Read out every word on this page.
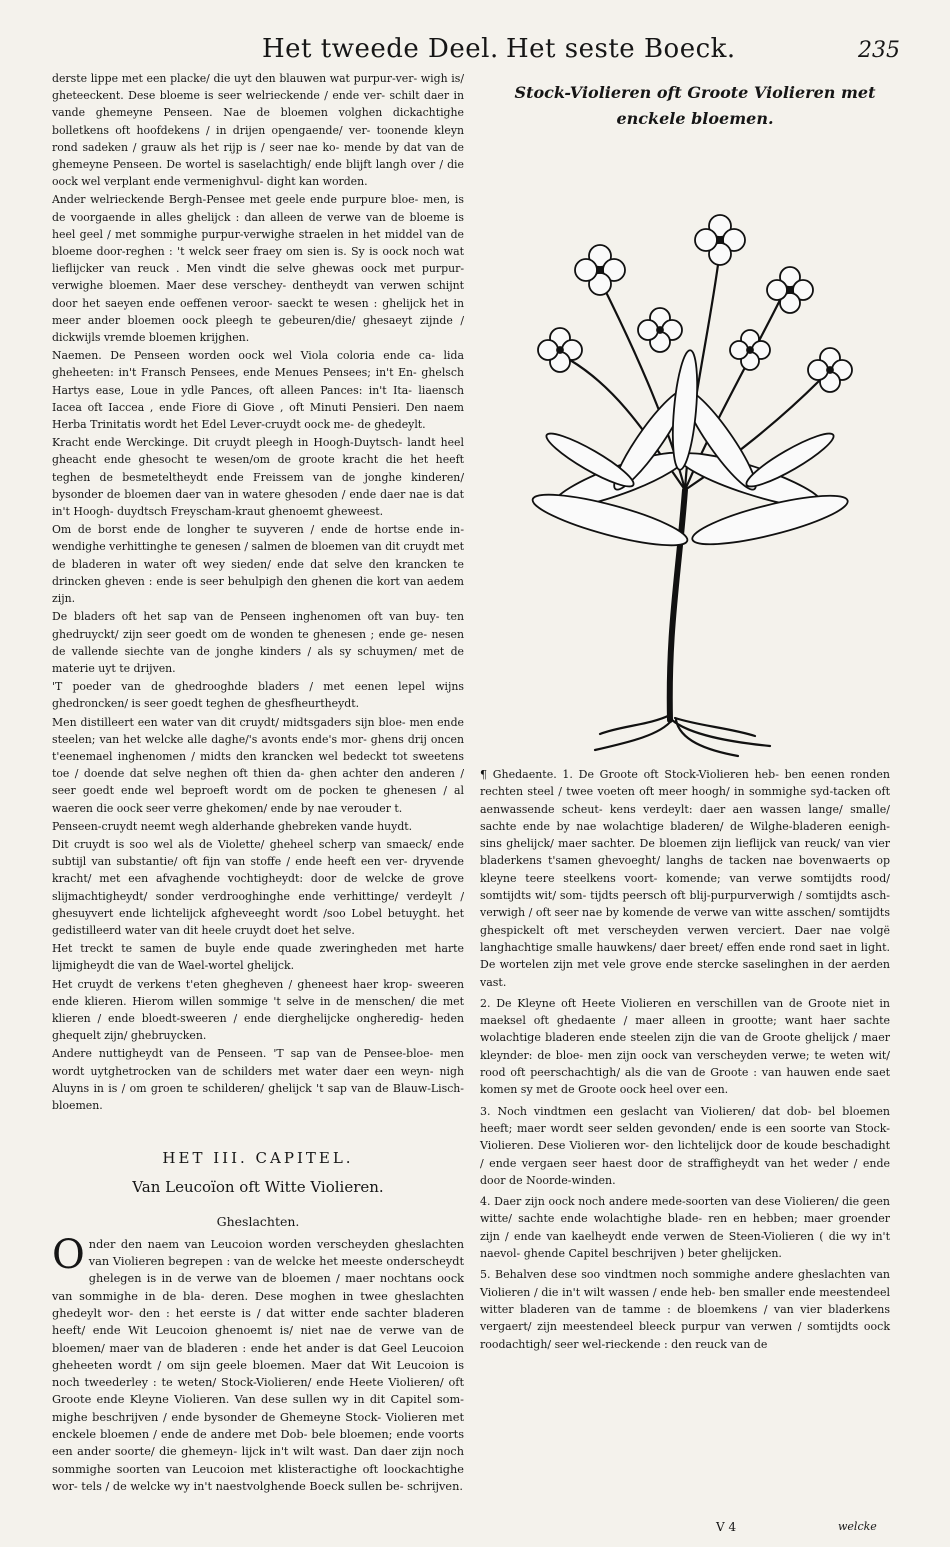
Het tweede Deel. Het seste Boeck.	235

derste lippe met een placke/ die uyt den blauwen wat purpur-ver- wigh is/ gheteeckent. Dese bloeme is seer welrieckende / ende ver- schilt daer in vande ghemeyne Penseen. Nae de bloemen volghen dickachtighe bolletkens oft hoofdekens / in drijen opengaende/ ver- toonende kleyn rond sadeken / grauw als het rijp is / seer nae ko- mende by dat van de ghemeyne Penseen. De wortel is saselachtigh/ ende blijft langh over / die oock wel verplant ende vermenighvul- dight kan worden.

Ander welrieckende Bergh-Pensee met geele ende purpure bloe- men, is de voorgaende in alles ghelijck : dan alleen de verwe van de bloeme is heel geel / met sommighe purpur-verwighe straelen in het middel van de bloeme door-reghen : 't welck seer fraey om sien is. Sy is oock noch wat lieflijcker van reuck . Men vindt die selve ghewas oock met purpur-verwighe bloemen. Maer dese verschey- dentheydt van verwen schijnt door het saeyen ende oeffenen veroor- saeckt te wesen : ghelijck het in meer ander bloemen oock pleegh te gebeuren/die/ ghesaeyt zijnde / dickwijls vremde bloemen krijghen.

Naemen. De Penseen worden oock wel Viola coloria ende ca- lida gheheeten: in't Fransch Pensees, ende Menues Pensees; in't En- ghelsch Hartys ease, Loue in ydle Pances, oft alleen Pances: in't Ita- liaensch Iacea oft Iaccea , ende Fiore di Giove , oft Minuti Pensieri. Den naem Herba Trinitatis wordt het Edel Lever-cruydt oock me- de ghedeylt.

Kracht ende Werckinge. Dit cruydt pleegh in Hoogh-Duytsch- landt heel gheacht ende ghesocht te wesen/om de groote kracht die het heeft teghen de besmeteltheydt ende Freissem van de jonghe kinderen/ bysonder de bloemen daer van in watere ghesoden / ende daer nae is dat in't Hoogh- duydtsch Freyscham-kraut ghenoemt gheweest.

Om de borst ende de longher te suyveren / ende de hortse ende in- wendighe verhittinghe te genesen / salmen de bloemen van dit cruydt met de bladeren in water oft wey sieden/ ende dat selve den krancken te drincken gheven : ende is seer behulpigh den ghenen die kort van aedem zijn.

De bladers oft het sap van de Penseen inghenomen oft van buy- ten ghedruyckt/ zijn seer goedt om de wonden te ghenesen ; ende ge- nesen de vallende siechte van de jonghe kinders / als sy schuymen/ met de materie uyt te drijven.

'T poeder van de ghedrooghde bladers / met eenen lepel wijns ghedroncken/ is seer goedt teghen de ghesfheurtheydt.

Men distilleert een water van dit cruydt/ midtsgaders sijn bloe- men ende steelen; van het welcke alle daghe/'s avonts ende's mor- ghens drij oncen t'eenemael inghenomen / midts den krancken wel bedeckt tot sweetens toe / doende dat selve neghen oft thien da- ghen achter den anderen / seer goedt ende wel beproeft wordt om de pocken te ghenesen / al waeren die oock seer verre ghekomen/ ende by nae verouder t.

Penseen-cruydt neemt wegh alderhande ghebreken vande huydt.

Dit cruydt is soo wel als de Violette/ gheheel scherp van smaeck/ ende subtijl van substantie/ oft fijn van stoffe / ende heeft een ver- dryvende kracht/ met een afvaghende vochtigheydt: door de welcke de grove slijmachtigheydt/ sonder verdrooghinghe ende verhittinge/ verdeylt / ghesuyvert ende lichtelijck afgheveeght wordt /soo Lobel betuyght. het gedistilleerd water van dit heele cruydt doet het selve.

Het treckt te samen de buyle ende quade zweringheden met harte lijmigheydt die van de Wael-wortel ghelijck.

Het cruydt de verkens t'eten ghegheven / gheneest haer krop- sweeren ende klieren. Hierom willen sommige 't selve in de menschen/ die met klieren / ende bloedt-sweeren / ende dierghelijcke ongheredig- heden ghequelt zijn/ ghebruycken.

Andere nuttigheydt van de Penseen. 'T sap van de Pensee-bloe- men wordt uytghetrocken van de schilders met water daer een weyn- nigh Aluyns in is / om groen te schilderen/ ghelijck 't sap van de Blauw-Lisch-bloemen.

HET III. CAPITEL.
Van Leucoïon oft Witte Violieren.
Gheslachten.

Onder den naem van Leucoion worden verscheyden gheslachten van Violieren begrepen : van de welcke het meeste onderscheydt ghelegen is in de verwe van de bloemen / maer nochtans oock van sommighe in de bla- deren. Dese moghen in twee gheslachten ghedeylt wor- den : het eerste is / dat witter ende sachter bladeren heeft/ ende Wit Leucoion ghenoemt is/ niet nae de verwe van de bloemen/ maer van de bladeren : ende het ander is dat Geel Leucoion gheheeten wordt / om sijn geele bloemen. Maer dat Wit Leucoion is noch tweederley : te weten/ Stock-Violieren/ ende Heete Violieren/ oft Groote ende Kleyne Violieren. Van dese sullen wy in dit Capitel som- mighe beschrijven / ende bysonder de Ghemeyne Stock- Violieren met enckele bloemen / ende de andere met Dob- bele bloemen; ende voorts een ander soorte/ die ghemeyn- lijck in't wilt wast. Dan daer zijn noch sommighe soorten van Leucoion met klisteractighe oft loockachtighe wor- tels / de welcke wy in't naestvolghende Boeck sullen be- schrijven.

Stock-Violieren oft Groote Violieren met enckele bloemen.

¶ Ghedaente. 1. De Groote oft Stock-Violieren heb- ben eenen ronden rechten steel / twee voeten oft meer hoogh/ in sommighe syd-tacken oft aenwassende scheut- kens verdeylt: daer aen wassen lange/ smalle/ sachte ende by nae wolachtige bladeren/ de Wilghe-bladeren eenigh- sins ghelijck/ maer sachter. De bloemen zijn lieflijck van reuck/ van vier bladerkens t'samen ghevoeght/ langhs de tacken nae bovenwaerts op kleyne teere steelkens voort- komende; van verwe somtijdts rood/ somtijdts wit/ som- tijdts peersch oft blij-purpurverwigh / somtijdts asch- verwigh / oft seer nae by komende de verwe van witte asschen/ somtijdts ghespickelt oft met verscheyden verwen verciert. Daer nae volgë langhachtige smalle hauwkens/ daer breet/ effen ende rond saet in light. De wortelen zijn met vele grove ende stercke saselinghen in der aerden vast.

2. De Kleyne oft Heete Violieren en verschillen van de Groote niet in maeksel oft ghedaente / maer alleen in grootte; want haer sachte wolachtige bladeren ende steelen zijn die van de Groote ghelijck / maer kleynder: de bloe- men zijn oock van verscheyden verwe; te weten wit/ rood oft peerschachtigh/ als die van de Groote : van hauwen ende saet komen sy met de Groote oock heel over een.

3. Noch vindtmen een geslacht van Violieren/ dat dob- bel bloemen heeft; maer wordt seer selden gevonden/ ende is een soorte van Stock-Violieren. Dese Violieren wor- den lichtelijck door de koude beschadight / ende vergaen seer haest door de straffigheydt van het weder / ende door de Noorde-winden.

4. Daer zijn oock noch andere mede-soorten van dese Violieren/ die geen witte/ sachte ende wolachtighe blade- ren en hebben; maer groender zijn / ende van kaelheydt ende verwen de Steen-Violieren ( die wy in't naevol- ghende Capitel beschrijven ) beter ghelijcken.

5. Behalven dese soo vindtmen noch sommighe andere gheslachten van Violieren / die in't wilt wassen / ende heb- ben smaller ende meestendeel witter bladeren van de tamme : de bloemkens / van vier bladerkens vergaert/ zijn meestendeel bleeck purpur van verwen / somtijdts oock roodachtigh/ seer wel-rieckende : den reuck van de

V 4	welcke
